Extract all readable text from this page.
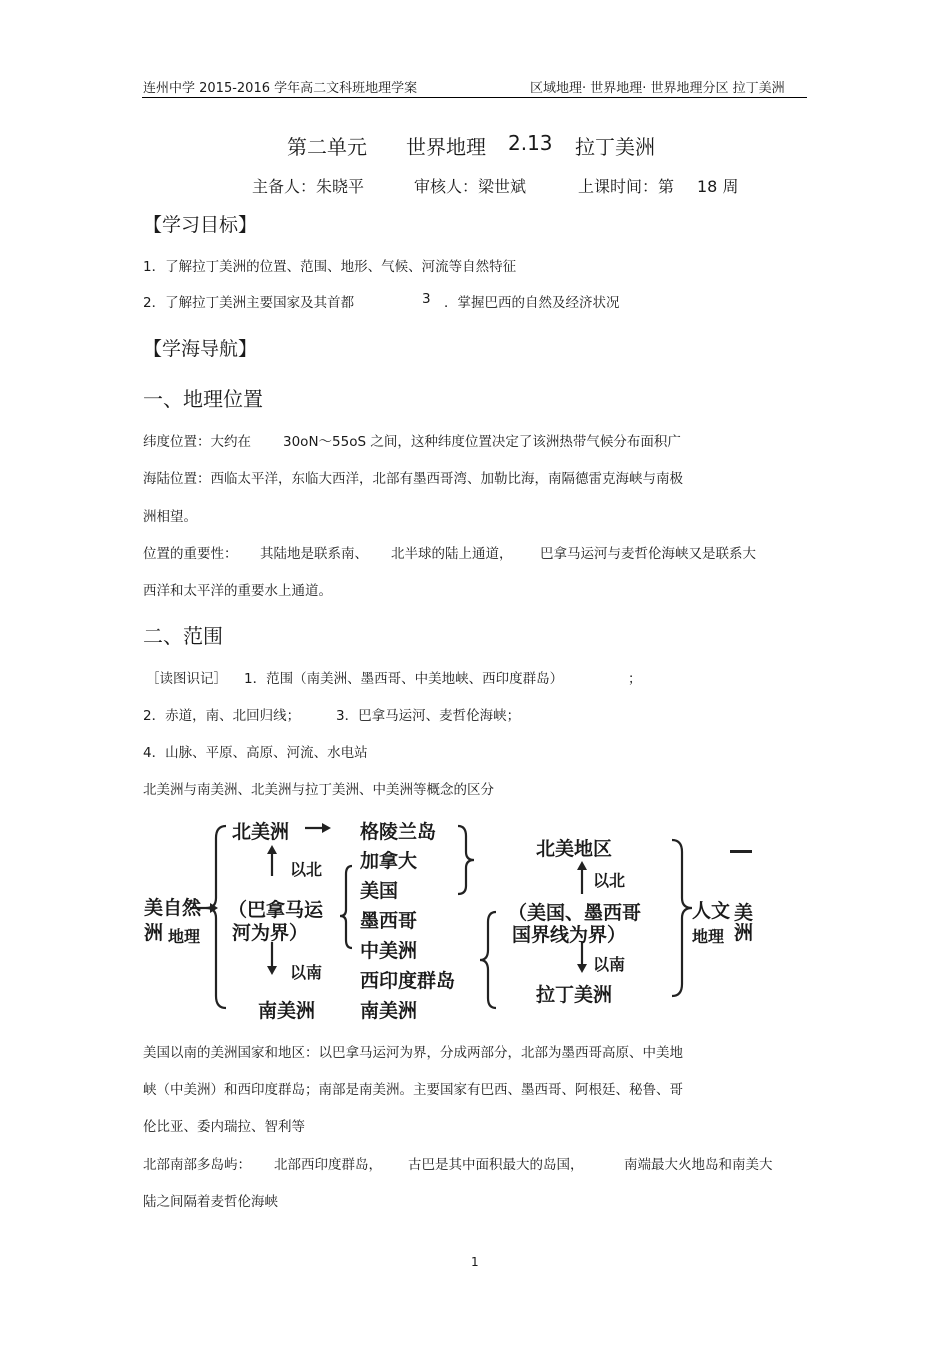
连州中学 2015-2016 学年高二文科班地理学案	区域地理· 世界地理· 世界地理分区 拉丁美洲
第二单元 世界地理 2.13 拉丁美洲
主备人：朱晓平	审核人：梁世斌	上课时间：第 18 周
【学习目标】
1．了解拉丁美洲的位置、范围、地形、气候、河流等自然特征
2．了解拉丁美洲主要国家及其首都	3 ．掌握巴西的自然及经济状况
【学海导航】
一、地理位置
纬度位置：大约在 30oN～55oS 之间，这种纬度位置决定了该洲热带气候分布面积广
海陆位置：西临太平洋，东临大西洋，北部有墨西哥湾、加勒比海，南隔德雷克海峡与南极
洲相望。
位置的重要性： 其陆地是联系南、 北半球的陆上通道， 巴拿马运河与麦哲伦海峡又是联系大
西洋和太平洋的重要水上通道。
二、范围
［读图识记］ 1．范围（南美洲、墨西哥、中美地峡、西印度群岛）	；
2．赤道，南、北回归线；	3．巴拿马运河、麦哲伦海峡；
4．山脉、平原、高原、河流、水电站
北美洲与南美洲、北美洲与拉丁美洲、中美洲等概念的区分
美自然
洲 地理
北美洲
以北
（巴拿马运
河为界）
以南
南美洲
格陵兰岛
加拿大
美国
墨西哥
中美洲
西印度群岛
南美洲
北美地区
以北
（美国、墨西哥
国界线为界）
以南
拉丁美洲
人文 美
地理 洲
美国以南的美洲国家和地区：以巴拿马运河为界，分成两部分，北部为墨西哥高原、中美地
峡（中美洲）和西印度群岛；南部是南美洲。主要国家有巴西、墨西哥、阿根廷、秘鲁、哥
伦比亚、委内瑞拉、智利等
北部南部多岛屿： 北部西印度群岛， 古巴是其中面积最大的岛国，	南端最大火地岛和南美大
陆之间隔着麦哲伦海峡
1
